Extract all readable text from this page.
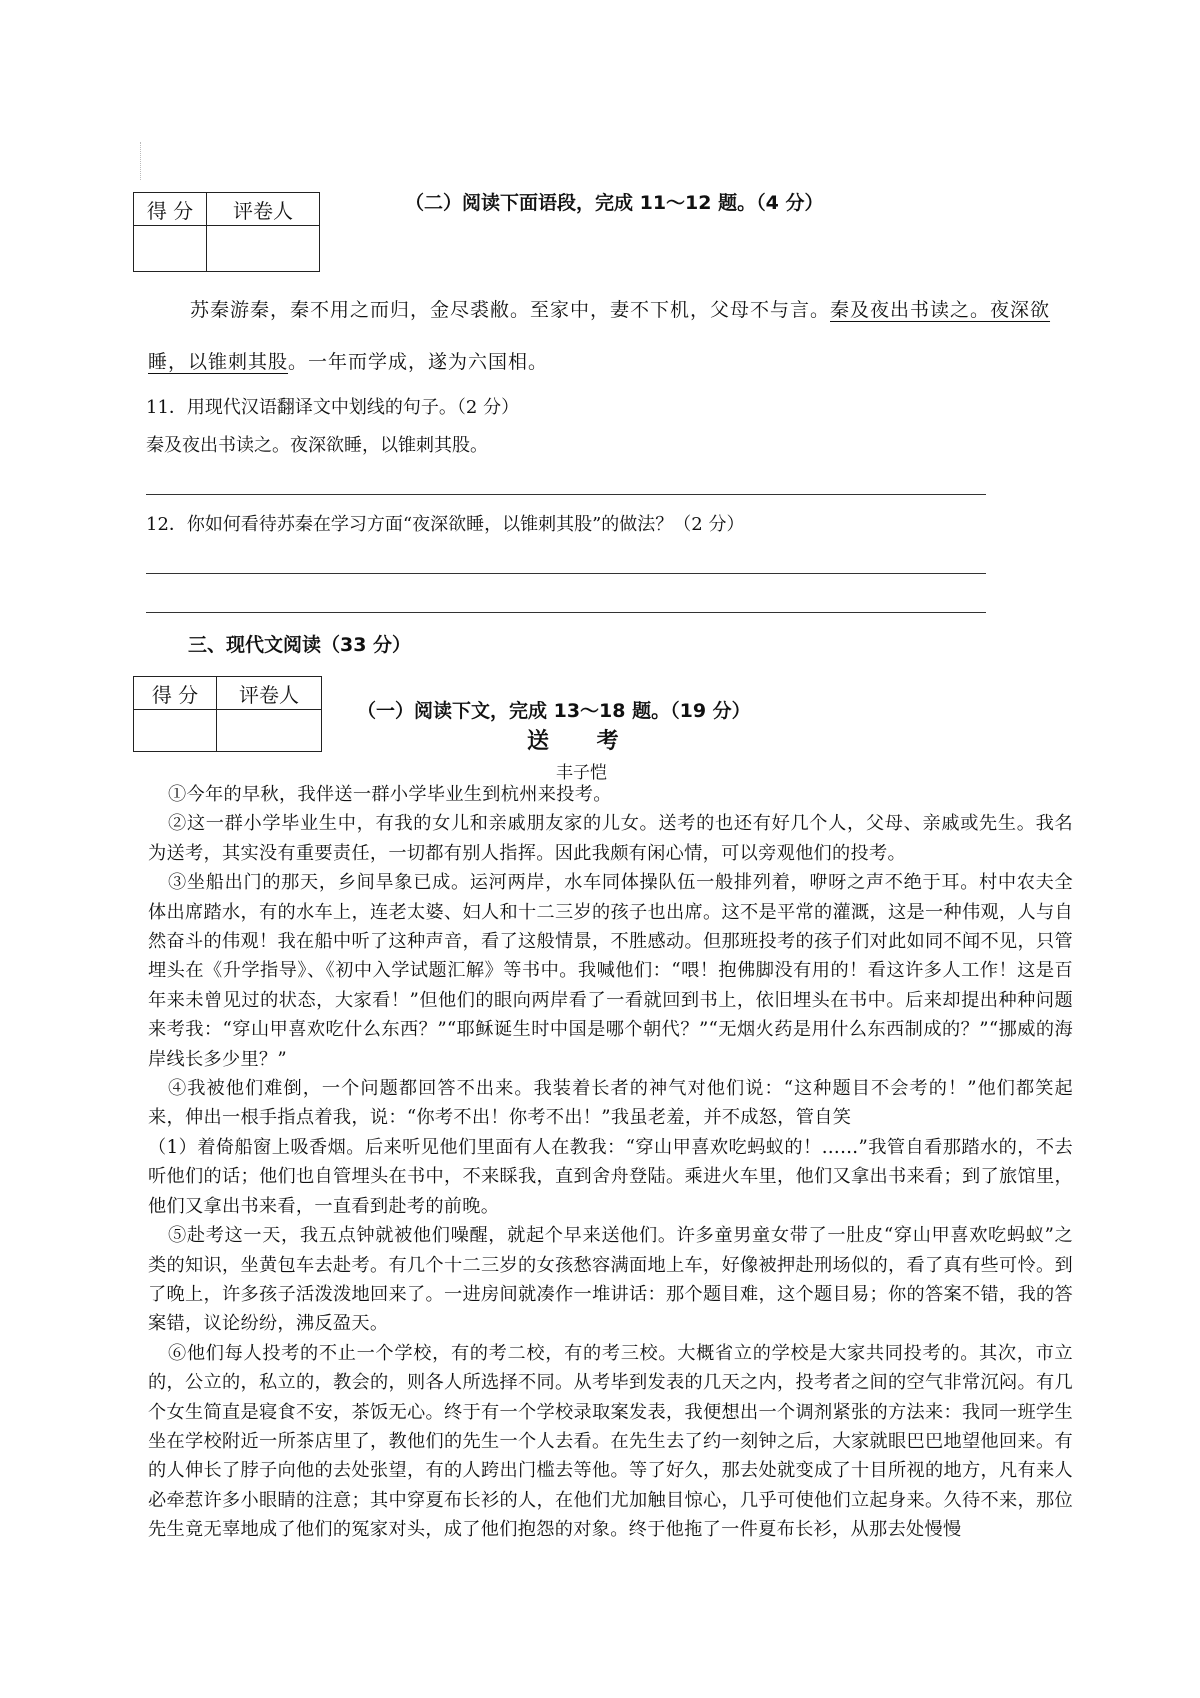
得 分	评卷人
		（二）阅读下面语段，完成 11～12 题。（4 分）
苏秦游秦，秦不用之而归，金尽裘敝。至家中，妻不下机，父母不与言。秦及夜出书读之。夜深欲睡，以锥刺其股。一年而学成，遂为六国相。
11．用现代汉语翻译文中划线的句子。（2 分）
秦及夜出书读之。夜深欲睡，以锥刺其股。
12．你如何看待苏秦在学习方面“夜深欲睡，以锥刺其股”的做法？（2 分）
三、现代文阅读（33 分）
得 分	评卷人

（一）阅读下文，完成 13～18 题。（19 分）
送 考
丰子恺

①今年的早秋，我伴送一群小学毕业生到杭州来投考。

②这一群小学毕业生中，有我的女儿和亲戚朋友家的儿女。送考的也还有好几个人，父母、亲戚或先生。我名为送考，其实没有重要责任，一切都有别人指挥。因此我颇有闲心情，可以旁观他们的投考。

③坐船出门的那天，乡间旱象已成。运河两岸，水车同体操队伍一般排列着，咿呀之声不绝于耳。村中农夫全体出席踏水，有的水车上，连老太婆、妇人和十二三岁的孩子也出席。这不是平常的灌溉，这是一种伟观，人与自然奋斗的伟观！我在船中听了这种声音，看了这般情景，不胜感动。但那班投考的孩子们对此如同不闻不见，只管埋头在《升学指导》、《初中入学试题汇解》等书中。我喊他们：“喂！抱佛脚没有用的！看这许多人工作！这是百年来未曾见过的状态，大家看！”但他们的眼向两岸看了一看就回到书上，依旧埋头在书中。后来却提出种种问题来考我：“穿山甲喜欢吃什么东西？”“耶稣诞生时中国是哪个朝代？”“无烟火药是用什么东西制成的？”“挪威的海岸线长多少里？”

④我被他们难倒，一个问题都回答不出来。我装着长者的神气对他们说：“这种题目不会考的！”他们都笑起来，伸出一根手指点着我，说：“你考不出！你考不出！”我虽老羞，并不成怒，管自笑

（1）着倚船窗上吸香烟。后来听见他们里面有人在教我：“穿山甲喜欢吃蚂蚁的！……”我管自看那踏水的，不去听他们的话；他们也自管埋头在书中，不来睬我，直到舍舟登陆。乘进火车里，他们又拿出书来看；到了旅馆里，他们又拿出书来看，一直看到赴考的前晚。

⑤赴考这一天，我五点钟就被他们噪醒，就起个早来送他们。许多童男童女带了一肚皮“穿山甲喜欢吃蚂蚁”之类的知识，坐黄包车去赴考。有几个十二三岁的女孩愁容满面地上车，好像被押赴刑场似的，看了真有些可怜。到了晚上，许多孩子活泼泼地回来了。一进房间就凑作一堆讲话：那个题目难，这个题目易；你的答案不错，我的答案错，议论纷纷，沸反盈天。

⑥他们每人投考的不止一个学校，有的考二校，有的考三校。大概省立的学校是大家共同投考的。其次，市立的，公立的，私立的，教会的，则各人所选择不同。从考毕到发表的几天之内，投考者之间的空气非常沉闷。有几个女生简直是寝食不安，茶饭无心。终于有一个学校录取案发表，我便想出一个调剂紧张的方法来：我同一班学生坐在学校附近一所茶店里了，教他们的先生一个人去看。在先生去了约一刻钟之后，大家就眼巴巴地望他回来。有的人伸长了脖子向他的去处张望，有的人跨出门槛去等他。等了好久，那去处就变成了十目所视的地方，凡有来人必牵惹许多小眼睛的注意；其中穿夏布长衫的人，在他们尤加触目惊心，几乎可使他们立起身来。久待不来，那位先生竟无辜地成了他们的冤家对头，成了他们抱怨的对象。终于他拖了一件夏布长衫，从那去处慢慢
